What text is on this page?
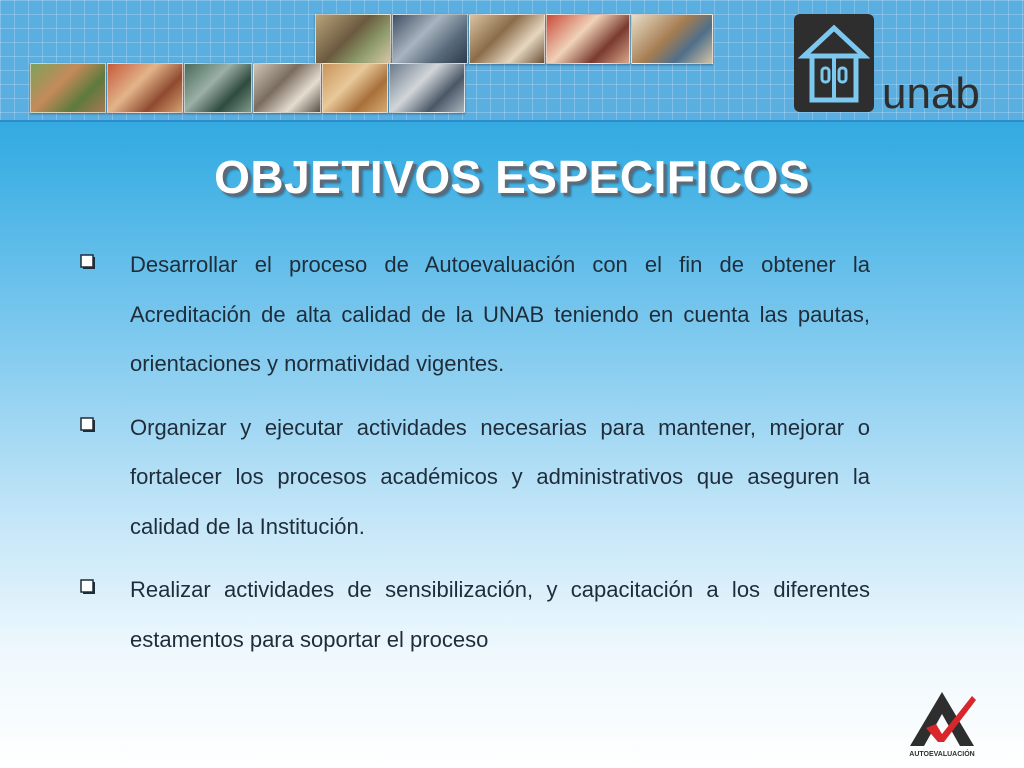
unab
OBJETIVOS ESPECIFICOS

Desarrollar el proceso de Autoevaluación con el fin de obtener la Acreditación de alta calidad de la UNAB teniendo en cuenta las pautas, orientaciones y normatividad vigentes.

Organizar y ejecutar actividades necesarias para mantener, mejorar o fortalecer los procesos académicos y administrativos que aseguren la calidad de la Institución.

Realizar actividades de sensibilización, y capacitación a los diferentes estamentos para soportar el proceso

AUTOEVALUACIÓN
